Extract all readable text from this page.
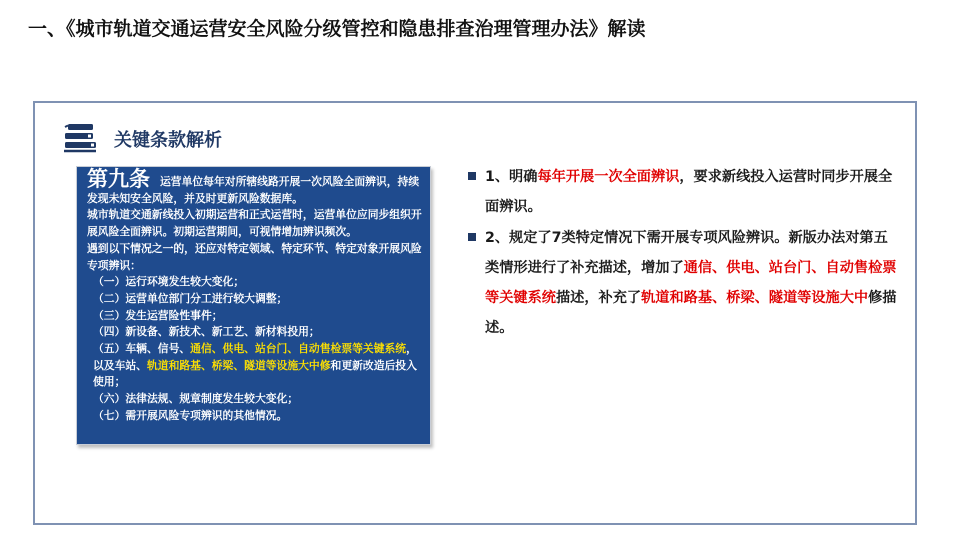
一、《城市轨道交通运营安全风险分级管控和隐患排查治理管理办法》解读
关键条款解析

第九条 运营单位每年对所辖线路开展一次风险全面辨识，持续发现未知安全风险，并及时更新风险数据库。

城市轨道交通新线投入初期运营和正式运营时，运营单位应同步组织开展风险全面辨识。初期运营期间，可视情增加辨识频次。

遇到以下情况之一的，还应对特定领域、特定环节、特定对象开展风险专项辨识：

（一）运行环境发生较大变化；

（二）运营单位部门分工进行较大调整；

（三）发生运营险性事件；

（四）新设备、新技术、新工艺、新材料投用；

（五）车辆、信号、通信、供电、站台门、自动售检票等关键系统，以及车站、轨道和路基、桥梁、隧道等设施大中修和更新改造后投入使用；

（六）法律法规、规章制度发生较大变化；

（七）需开展风险专项辨识的其他情况。

1、明确每年开展一次全面辨识，要求新线投入运营时同步开展全面辨识。
2、规定了7类特定情况下需开展专项风险辨识。新版办法对第五类情形进行了补充描述，增加了通信、供电、站台门、自动售检票等关键系统描述，补充了轨道和路基、桥梁、隧道等设施大中修描述。
